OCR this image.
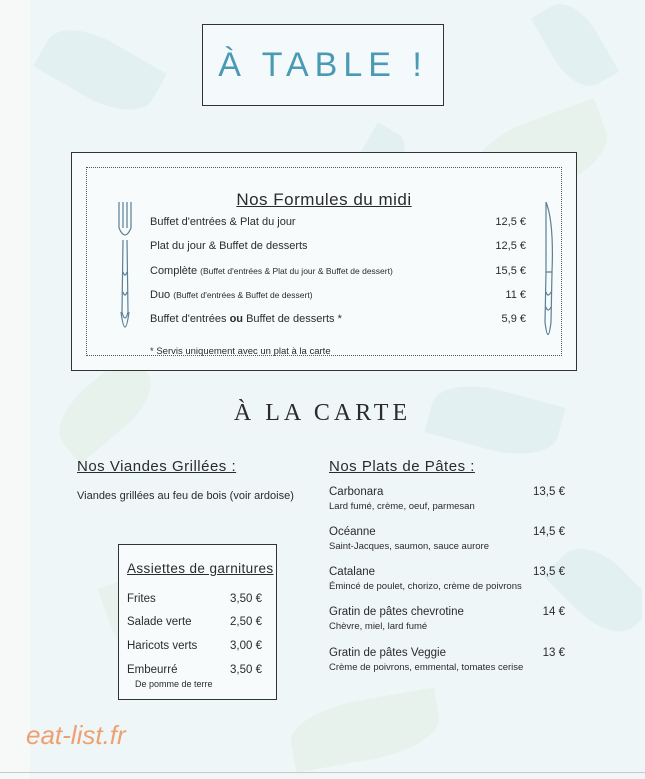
À TABLE !
Nos Formules du midi
Buffet d'entrées & Plat du jour	12,5 €
Plat du jour & Buffet de desserts	12,5 €
Complète (Buffet d'entrées & Plat du jour & Buffet de dessert)	15,5 €
Duo (Buffet d'entrées & Buffet de dessert)	11 €
Buffet d'entrées ou Buffet de desserts *	5,9 €
* Servis uniquement avec un plat à la carte
À LA CARTE
Nos Viandes Grillées :
Viandes grillées au feu de bois (voir ardoise)
Assiettes de garnitures
Frites	3,50 €
Salade verte	2,50 €
Haricots verts	3,00 €
Embeurré	3,50 €
De pomme de terre
Nos Plats de Pâtes :
Carbonara	13,5 €
Lard fumé, crème, oeuf, parmesan
Océanne	14,5 €
Saint-Jacques, saumon, sauce aurore
Catalane	13,5 €
Émincé de poulet, chorizo, crème de poivrons
Gratin de pâtes chevrotine	14 €
Chèvre, miel, lard fumé
Gratin de pâtes Veggie	13 €
Crème de poivrons, emmental, tomates cerise
eat-list.fr
